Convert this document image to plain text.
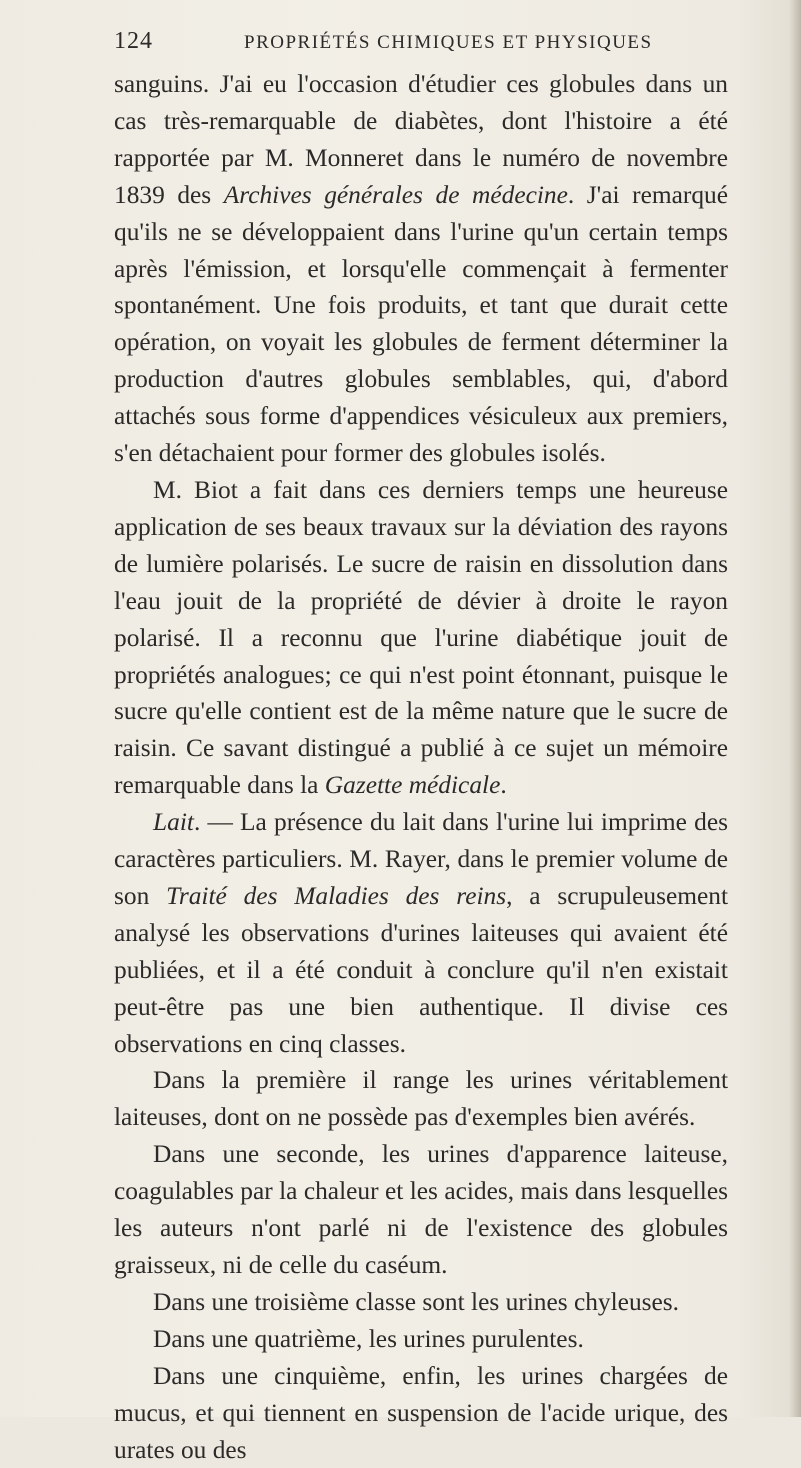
124	PROPRIÉTÉS CHIMIQUES ET PHYSIQUES

sanguins. J'ai eu l'occasion d'étudier ces globules dans un cas très-remarquable de diabètes, dont l'histoire a été rapportée par M. Monneret dans le numéro de novembre 1839 des Archives générales de médecine. J'ai remarqué qu'ils ne se développaient dans l'urine qu'un certain temps après l'émission, et lorsqu'elle commençait à fermenter spontanément. Une fois produits, et tant que durait cette opération, on voyait les globules de ferment déterminer la production d'autres globules semblables, qui, d'abord attachés sous forme d'appendices vésiculeux aux premiers, s'en détachaient pour former des globules isolés.

M. Biot a fait dans ces derniers temps une heureuse application de ses beaux travaux sur la déviation des rayons de lumière polarisés. Le sucre de raisin en dissolution dans l'eau jouit de la propriété de dévier à droite le rayon polarisé. Il a reconnu que l'urine diabétique jouit de propriétés analogues; ce qui n'est point étonnant, puisque le sucre qu'elle contient est de la même nature que le sucre de raisin. Ce savant distingué a publié à ce sujet un mémoire remarquable dans la Gazette médicale.

Lait. — La présence du lait dans l'urine lui imprime des caractères particuliers. M. Rayer, dans le premier volume de son Traité des Maladies des reins, a scrupuleusement analysé les observations d'urines laiteuses qui avaient été publiées, et il a été conduit à conclure qu'il n'en existait peut-être pas une bien authentique. Il divise ces observations en cinq classes.

Dans la première il range les urines véritablement laiteuses, dont on ne possède pas d'exemples bien avérés.

Dans une seconde, les urines d'apparence laiteuse, coagulables par la chaleur et les acides, mais dans lesquelles les auteurs n'ont parlé ni de l'existence des globules graisseux, ni de celle du caséum.

Dans une troisième classe sont les urines chyleuses.

Dans une quatrième, les urines purulentes.

Dans une cinquième, enfin, les urines chargées de mucus, et qui tiennent en suspension de l'acide urique, des urates ou des
